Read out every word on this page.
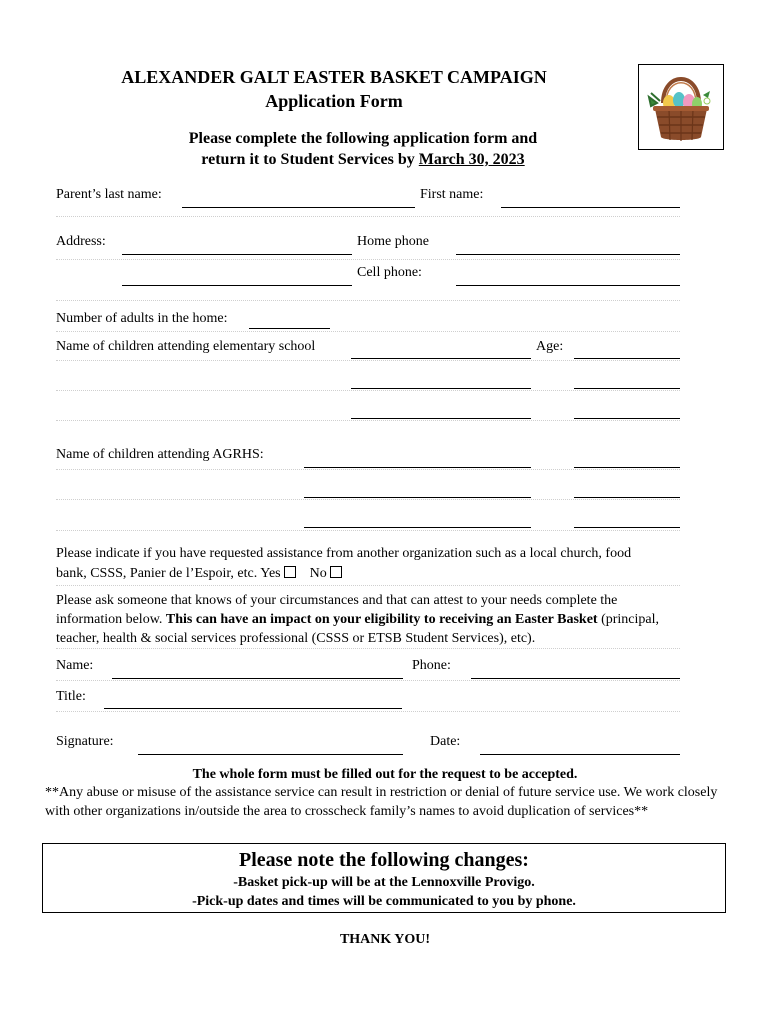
ALEXANDER GALT EASTER BASKET CAMPAIGN
Application Form
Please complete the following application form and
return it to Student Services by March 30, 2023
Parent’s last name:	First name:
Address:	Home phone
Cell phone:
Number of adults in the home:
Name of children attending elementary school	Age:
Name of children attending AGRHS:
Please indicate if you have requested assistance from another organization such as a local church, food
bank, CSSS, Panier de l’Espoir, etc. Yes No
Please ask someone that knows of your circumstances and that can attest to your needs complete the information below. This can have an impact on your eligibility to receiving an Easter Basket (principal, teacher, health & social services professional (CSSS or ETSB Student Services), etc).
Name:	Phone:
Title:
Signature:	Date:
The whole form must be filled out for the request to be accepted.
**Any abuse or misuse of the assistance service can result in restriction or denial of future service use. We work closely with other organizations in/outside the area to crosscheck family’s names to avoid duplication of services**
Please note the following changes:
-Basket pick-up will be at the Lennoxville Provigo.
-Pick-up dates and times will be communicated to you by phone.
THANK YOU!
